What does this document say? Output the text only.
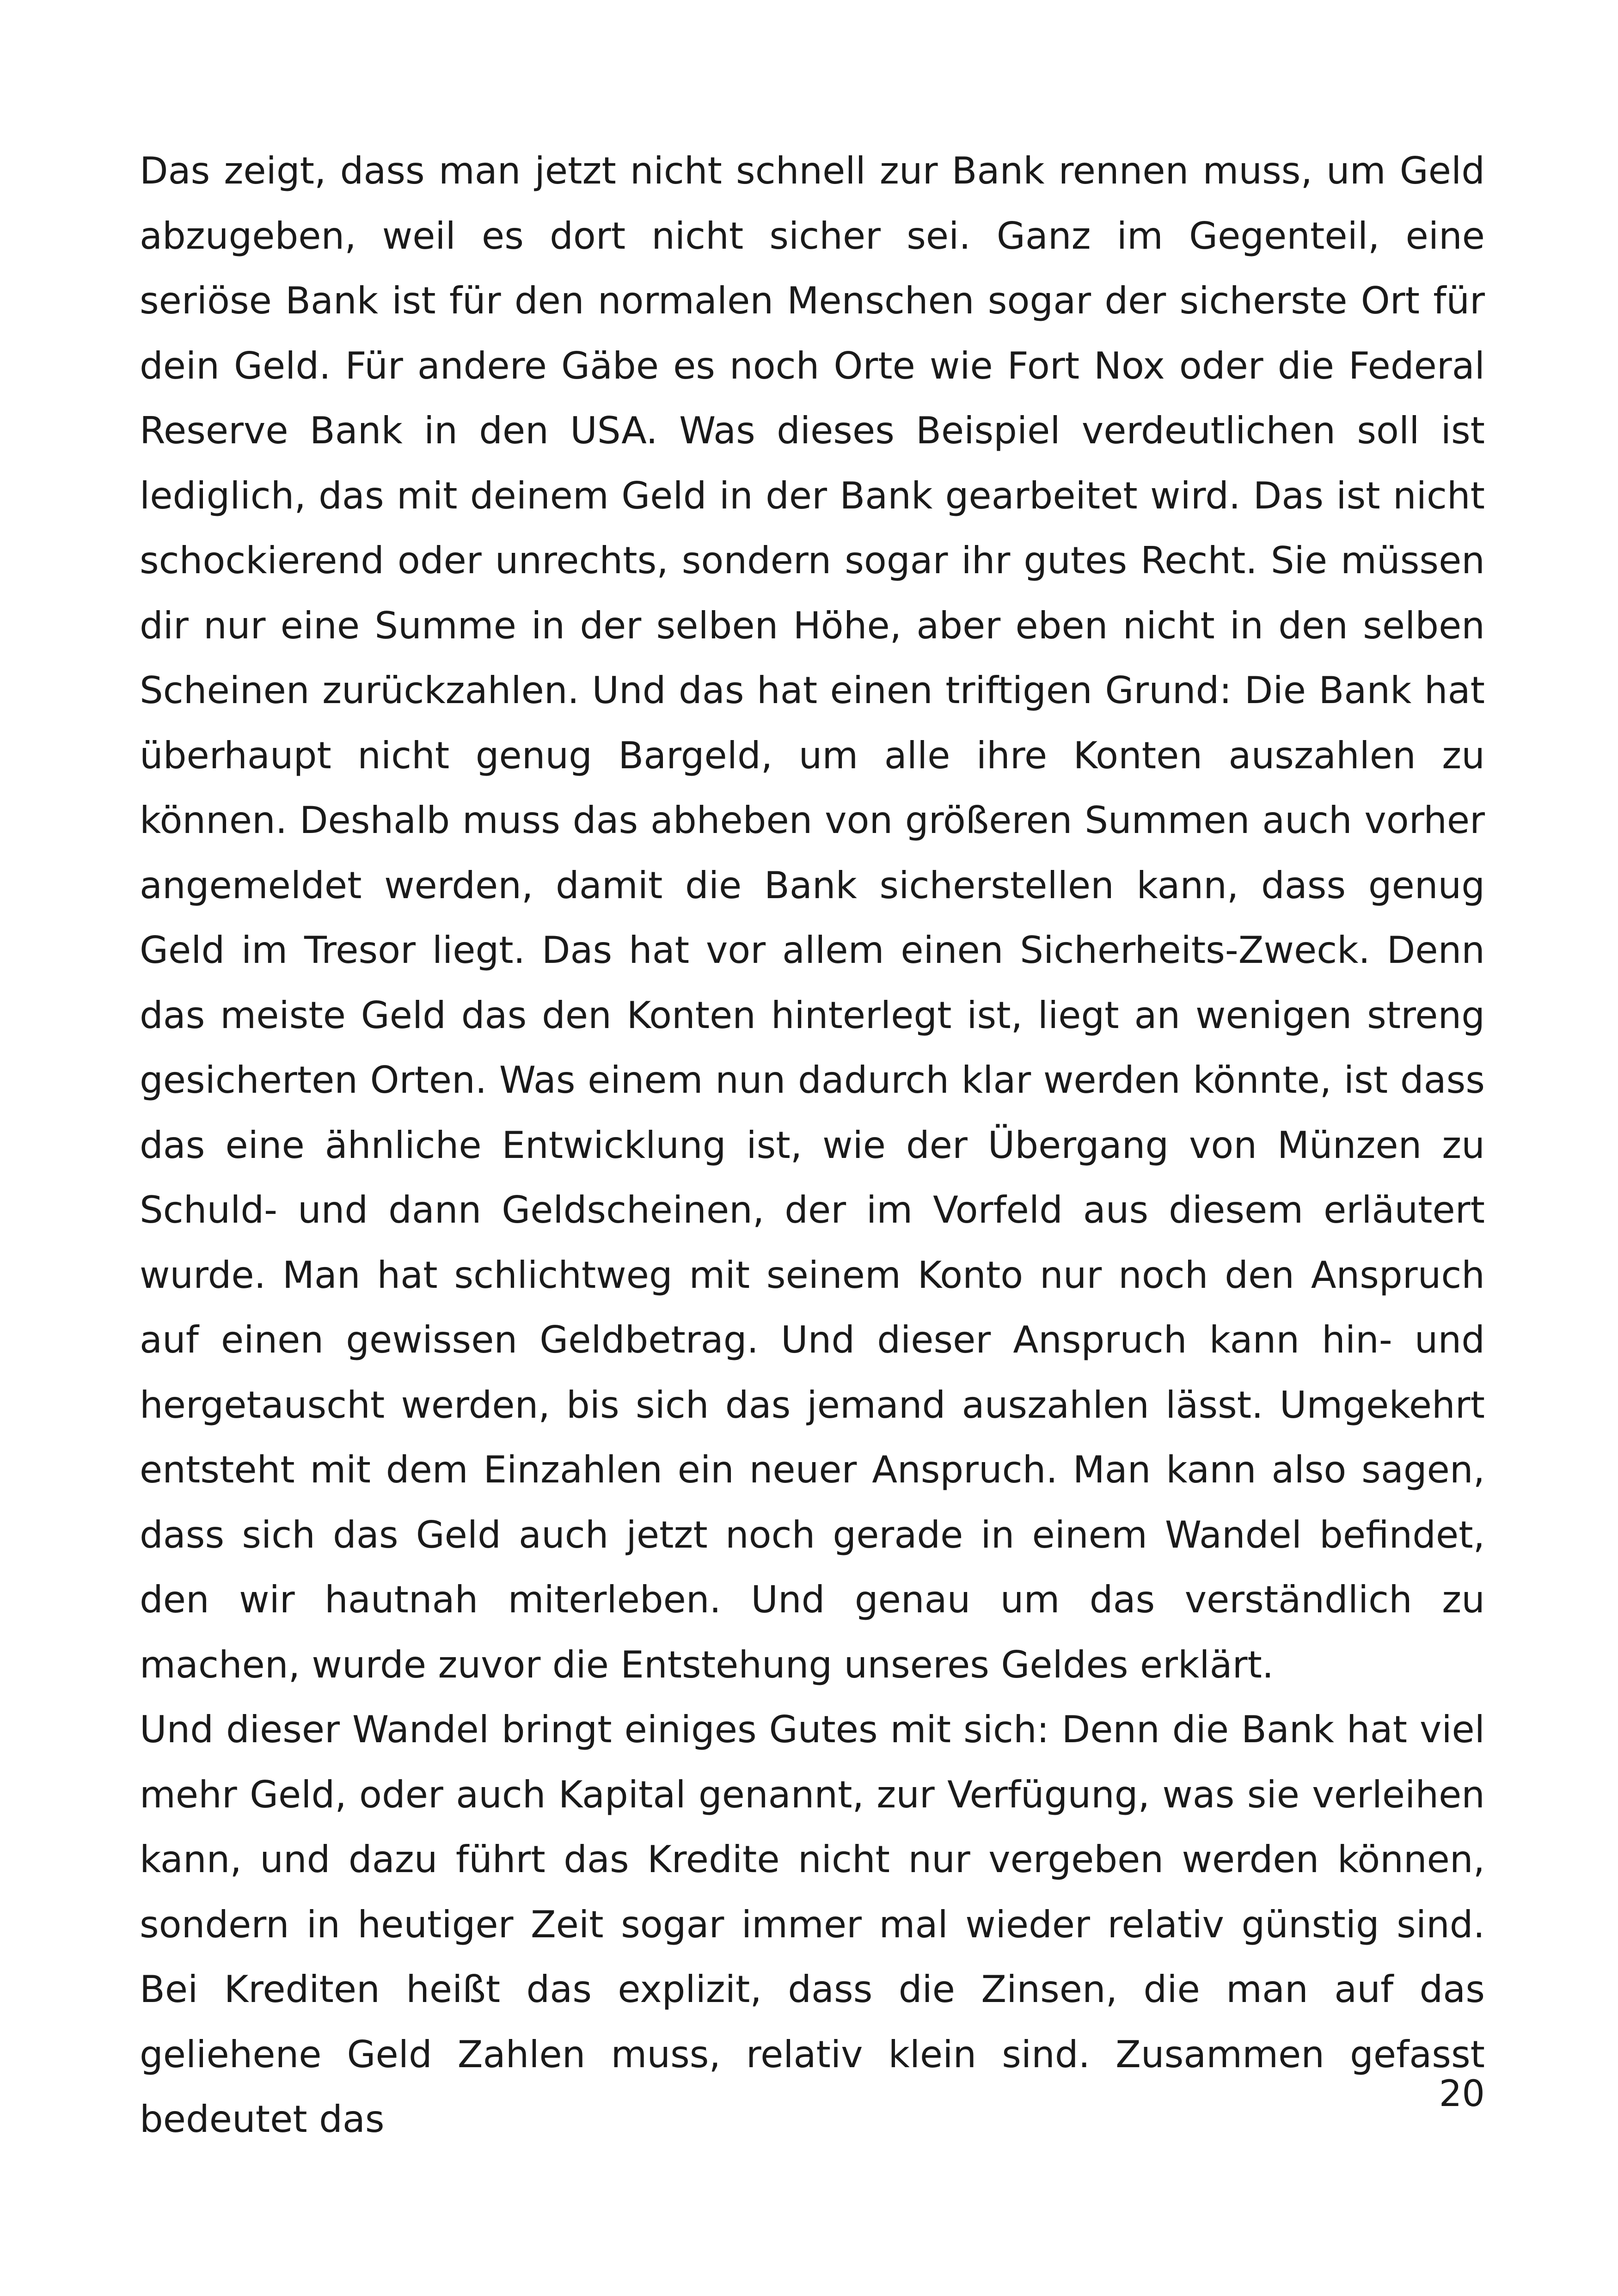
Das zeigt, dass man jetzt nicht schnell zur Bank rennen muss, um Geld abzugeben, weil es dort nicht sicher sei. Ganz im Gegenteil, eine seriöse Bank ist für den normalen Menschen sogar der sicherste Ort für dein Geld. Für andere Gäbe es noch Orte wie Fort Nox oder die Federal Reserve Bank in den USA. Was dieses Beispiel verdeutlichen soll ist lediglich, das mit deinem Geld in der Bank gearbeitet wird. Das ist nicht schockierend oder unrechts, sondern sogar ihr gutes Recht. Sie müssen dir nur eine Summe in der selben Höhe, aber eben nicht in den selben Scheinen zurückzahlen. Und das hat einen triftigen Grund: Die Bank hat überhaupt nicht genug Bargeld, um alle ihre Konten auszahlen zu können. Deshalb muss das abheben von größeren Summen auch vorher angemeldet werden, damit die Bank sicherstellen kann, dass genug Geld im Tresor liegt. Das hat vor allem einen Sicherheits-Zweck. Denn das meiste Geld das den Konten hinterlegt ist, liegt an wenigen streng gesicherten Orten. Was einem nun dadurch klar werden könnte, ist dass das eine ähnliche Entwicklung ist, wie der Übergang von Münzen zu Schuld- und dann Geldscheinen, der im Vorfeld aus diesem erläutert wurde. Man hat schlichtweg mit seinem Konto nur noch den Anspruch auf einen gewissen Geldbetrag. Und dieser Anspruch kann hin- und hergetauscht werden, bis sich das jemand auszahlen lässt. Umgekehrt entsteht mit dem Einzahlen ein neuer Anspruch. Man kann also sagen, dass sich das Geld auch jetzt noch gerade in einem Wandel befindet, den wir hautnah miterleben. Und genau um das verständlich zu machen, wurde zuvor die Entstehung unseres Geldes erklärt.

Und dieser Wandel bringt einiges Gutes mit sich: Denn die Bank hat viel mehr Geld, oder auch Kapital genannt, zur Verfügung, was sie verleihen kann, und dazu führt das Kredite nicht nur vergeben werden können, sondern in heutiger Zeit sogar immer mal wieder relativ günstig sind. Bei Krediten heißt das explizit, dass die Zinsen, die man auf das geliehene Geld Zahlen muss, relativ klein sind. Zusammen gefasst bedeutet das

20
